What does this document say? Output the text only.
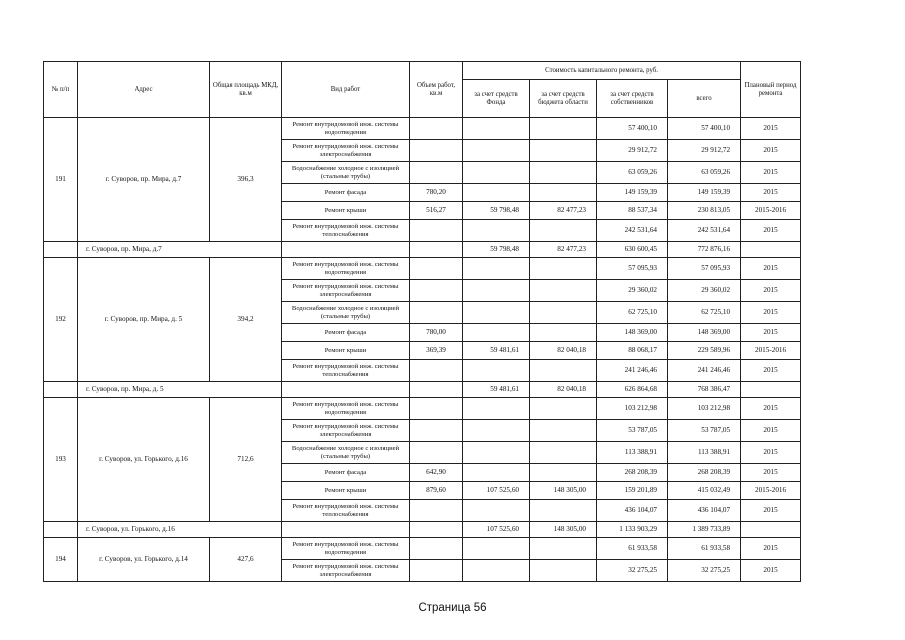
№ п/п	Адрес	Общая площадь МКД, кв.м	Вид работ	Объем работ, кв.м	Стоимость капитального ремонта, руб.				Плановый период ремонта
					за счет средств Фонда	за счет средств бюджета области	за счет средств собственников	всего	
191	г. Суворов, пр. Мира, д.7	396,3	Ремонт внутридомовой инж. системы водоотведения				57 400,10	57 400,10	2015
			Ремонт внутридомовой инж. системы электроснабжения				29 912,72	29 912,72	2015
			Водоснабжение холодное с изоляцией (стальные трубы)				63 059,26	63 059,26	2015
			Ремонт фасада	780,20			149 159,39	149 159,39	2015
			Ремонт крыши	516,27	59 798,48	82 477,23	88 537,34	230 813,05	2015-2016
			Ремонт внутридомовой инж. системы теплоснабжения				242 531,64	242 531,64	2015
	г. Суворов, пр. Мира, д.7				59 798,48	82 477,23	630 600,45	772 876,16	
192	г. Суворов, пр. Мира, д. 5	394,2	Ремонт внутридомовой инж. системы водоотведения				57 095,93	57 095,93	2015
			Ремонт внутридомовой инж. системы электроснабжения				29 360,02	29 360,02	2015
			Водоснабжение холодное с изоляцией (стальные трубы)				62 725,10	62 725,10	2015
			Ремонт фасада	780,00			148 369,00	148 369,00	2015
			Ремонт крыши	369,39	59 481,61	82 040,18	88 068,17	229 589,96	2015-2016
			Ремонт внутридомовой инж. системы теплоснабжения				241 246,46	241 246,46	2015
	г. Суворов, пр. Мира, д. 5				59 481,61	82 040,18	626 864,68	768 386,47	
193	г. Суворов, ул. Горького, д.16	712,6	Ремонт внутридомовой инж. системы водоотведения				103 212,98	103 212,98	2015
			Ремонт внутридомовой инж. системы электроснабжения				53 787,05	53 787,05	2015
			Водоснабжение холодное с изоляцией (стальные трубы)				113 388,91	113 388,91	2015
			Ремонт фасада	642,90			268 208,39	268 208,39	2015
			Ремонт крыши	879,60	107 525,60	148 305,00	159 201,89	415 032,49	2015-2016
			Ремонт внутридомовой инж. системы теплоснабжения				436 104,07	436 104,07	2015
	г. Суворов, ул. Горького, д.16				107 525,60	148 305,00	1 133 903,29	1 389 733,89	
194	г. Суворов, ул. Горького, д.14	427,6	Ремонт внутридомовой инж. системы водоотведения				61 933,58	61 933,58	2015
			Ремонт внутридомовой инж. системы электроснабжения				32 275,25	32 275,25	2015
Страница 56
